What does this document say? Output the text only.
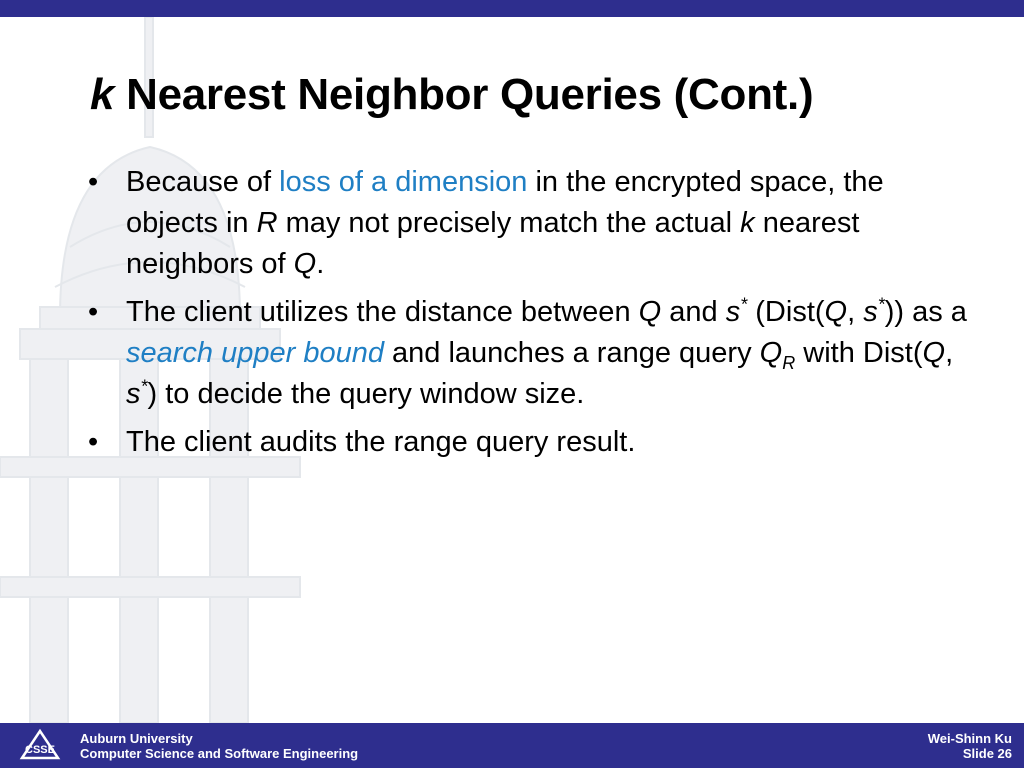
k Nearest Neighbor Queries (Cont.)
• Because of loss of a dimension in the encrypted space, the objects in R may not precisely match the actual k nearest neighbors of Q.
• The client utilizes the distance between Q and s* (Dist(Q, s*)) as a search upper bound and launches a range query $Q_R$ with Dist(Q, s*) to decide the query window size.
• The client audits the range query result.
CSSE
Auburn University
Computer Science and Software Engineering
Wei-Shinn Ku
Slide 26
